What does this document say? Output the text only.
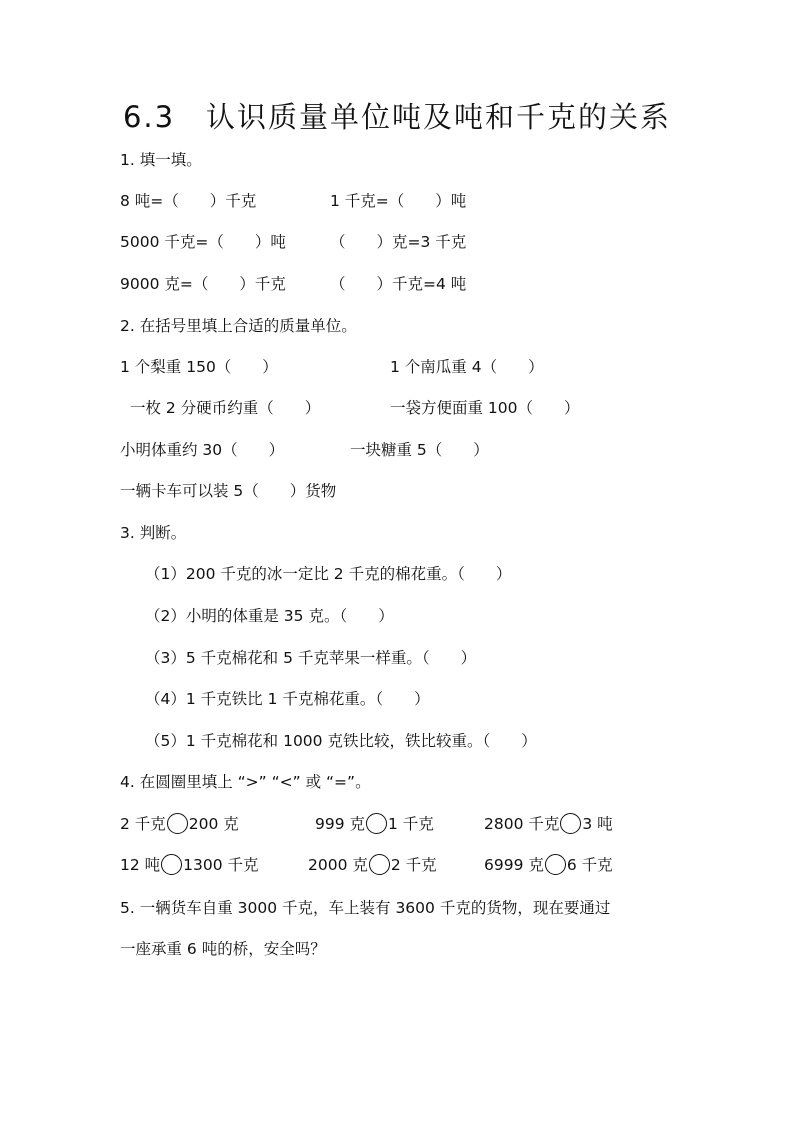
6.3　认识质量单位吨及吨和千克的关系
1. 填一填。
8 吨=（　　）千克	1 千克=（　　）吨
5000 千克=（　　）吨	（　　）克=3 千克
9000 克=（　　）千克	（　　）千克=4 吨
2. 在括号里填上合适的质量单位。
1 个梨重 150（　　）	1 个南瓜重 4（　　）
一枚 2 分硬币约重（　　）	一袋方便面重 100（　　）
小明体重约 30（　　）	一块糖重 5（　　）
一辆卡车可以装 5（　　）货物
3. 判断。
（1）200 千克的冰一定比 2 千克的棉花重。（　　）
（2）小明的体重是 35 克。（　　）
（3）5 千克棉花和 5 千克苹果一样重。（　　）
（4）1 千克铁比 1 千克棉花重。（　　）
（5）1 千克棉花和 1000 克铁比较，铁比较重。（　　）
4. 在圆圈里填上 “>” “<” 或 “=”。
2 千克 200 克	999 克 1 千克	2800 千克 3 吨
12 吨 1300 千克	2000 克 2 千克	6999 克 6 千克
5. 一辆货车自重 3000 千克，车上装有 3600 千克的货物，现在要通过
一座承重 6 吨的桥，安全吗？
